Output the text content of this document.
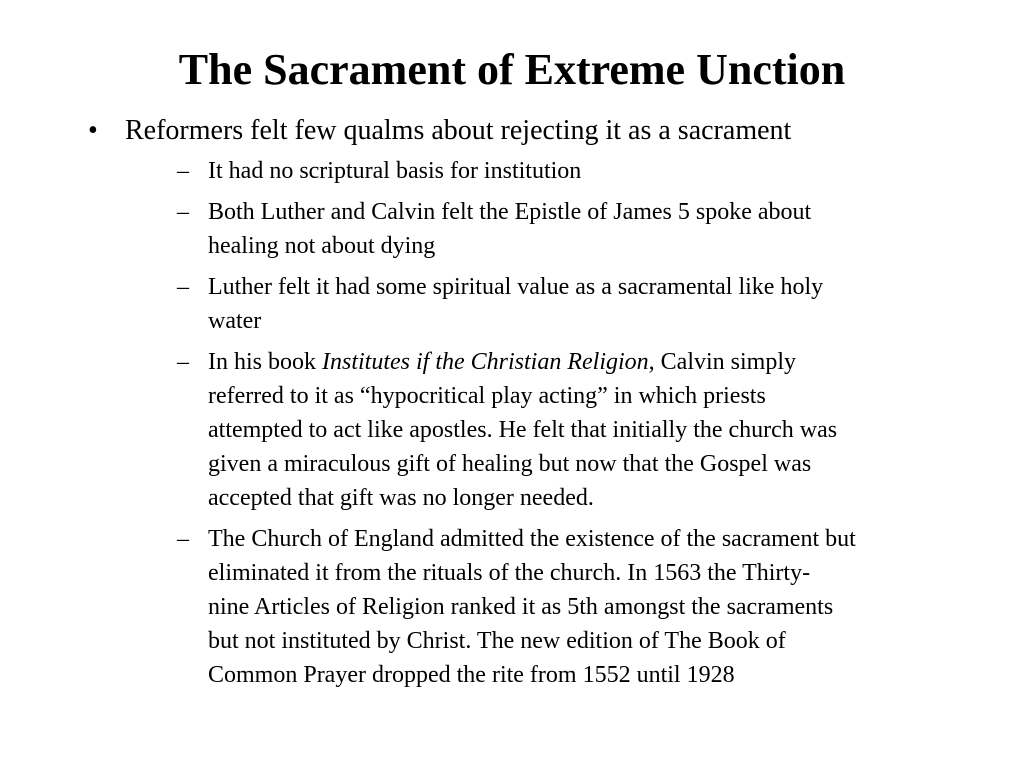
The Sacrament of Extreme Unction
• Reformers felt few qualms about rejecting it as a sacrament
– It had no scriptural basis for institution
– Both Luther and Calvin felt the Epistle of James 5 spoke about
healing not about dying
– Luther felt it had some spiritual value as a sacramental like holy
water
– In his book Institutes if the Christian Religion, Calvin simply
referred to it as “hypocritical play acting” in which priests
attempted to act like apostles. He felt that initially the church was
given a miraculous gift of healing but now that the Gospel was
accepted that gift was no longer needed.
– The Church of England admitted the existence of the sacrament but
eliminated it from the rituals of the church. In 1563 the Thirty-
nine Articles of Religion ranked it as 5th amongst the sacraments
but not instituted by Christ. The new edition of The Book of
Common Prayer dropped the rite from 1552 until 1928
